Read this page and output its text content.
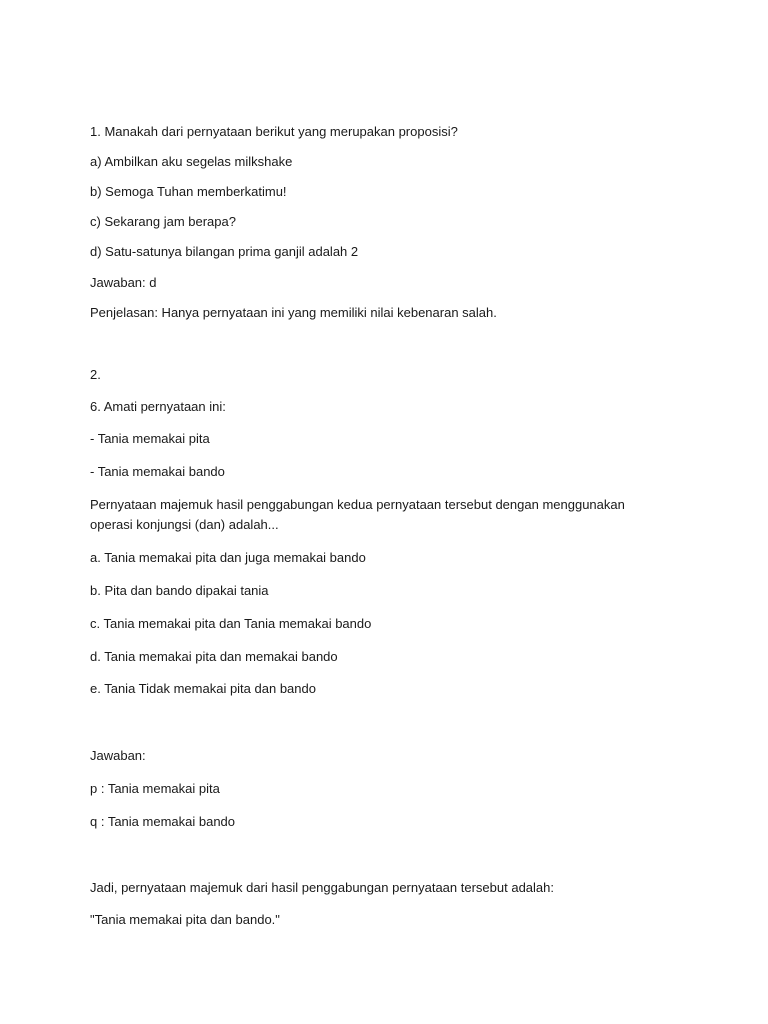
1. Manakah dari pernyataan berikut yang merupakan proposisi?
a) Ambilkan aku segelas milkshake
b) Semoga Tuhan memberkatimu!
c) Sekarang jam berapa?
d) Satu-satunya bilangan prima ganjil adalah 2
Jawaban: d
Penjelasan: Hanya pernyataan ini yang memiliki nilai kebenaran salah.
2.
6. Amati pernyataan ini:
- Tania memakai pita
- Tania memakai bando
Pernyataan majemuk hasil penggabungan kedua pernyataan tersebut dengan menggunakan operasi konjungsi (dan) adalah...
a. Tania memakai pita dan juga memakai bando
b. Pita dan bando dipakai tania
c. Tania memakai pita dan Tania memakai bando
d. Tania memakai pita dan memakai bando
e. Tania Tidak memakai pita dan bando
Jawaban:
p : Tania memakai pita
q : Tania memakai bando
Jadi, pernyataan majemuk dari hasil penggabungan pernyataan tersebut adalah:
"Tania memakai pita dan bando."
